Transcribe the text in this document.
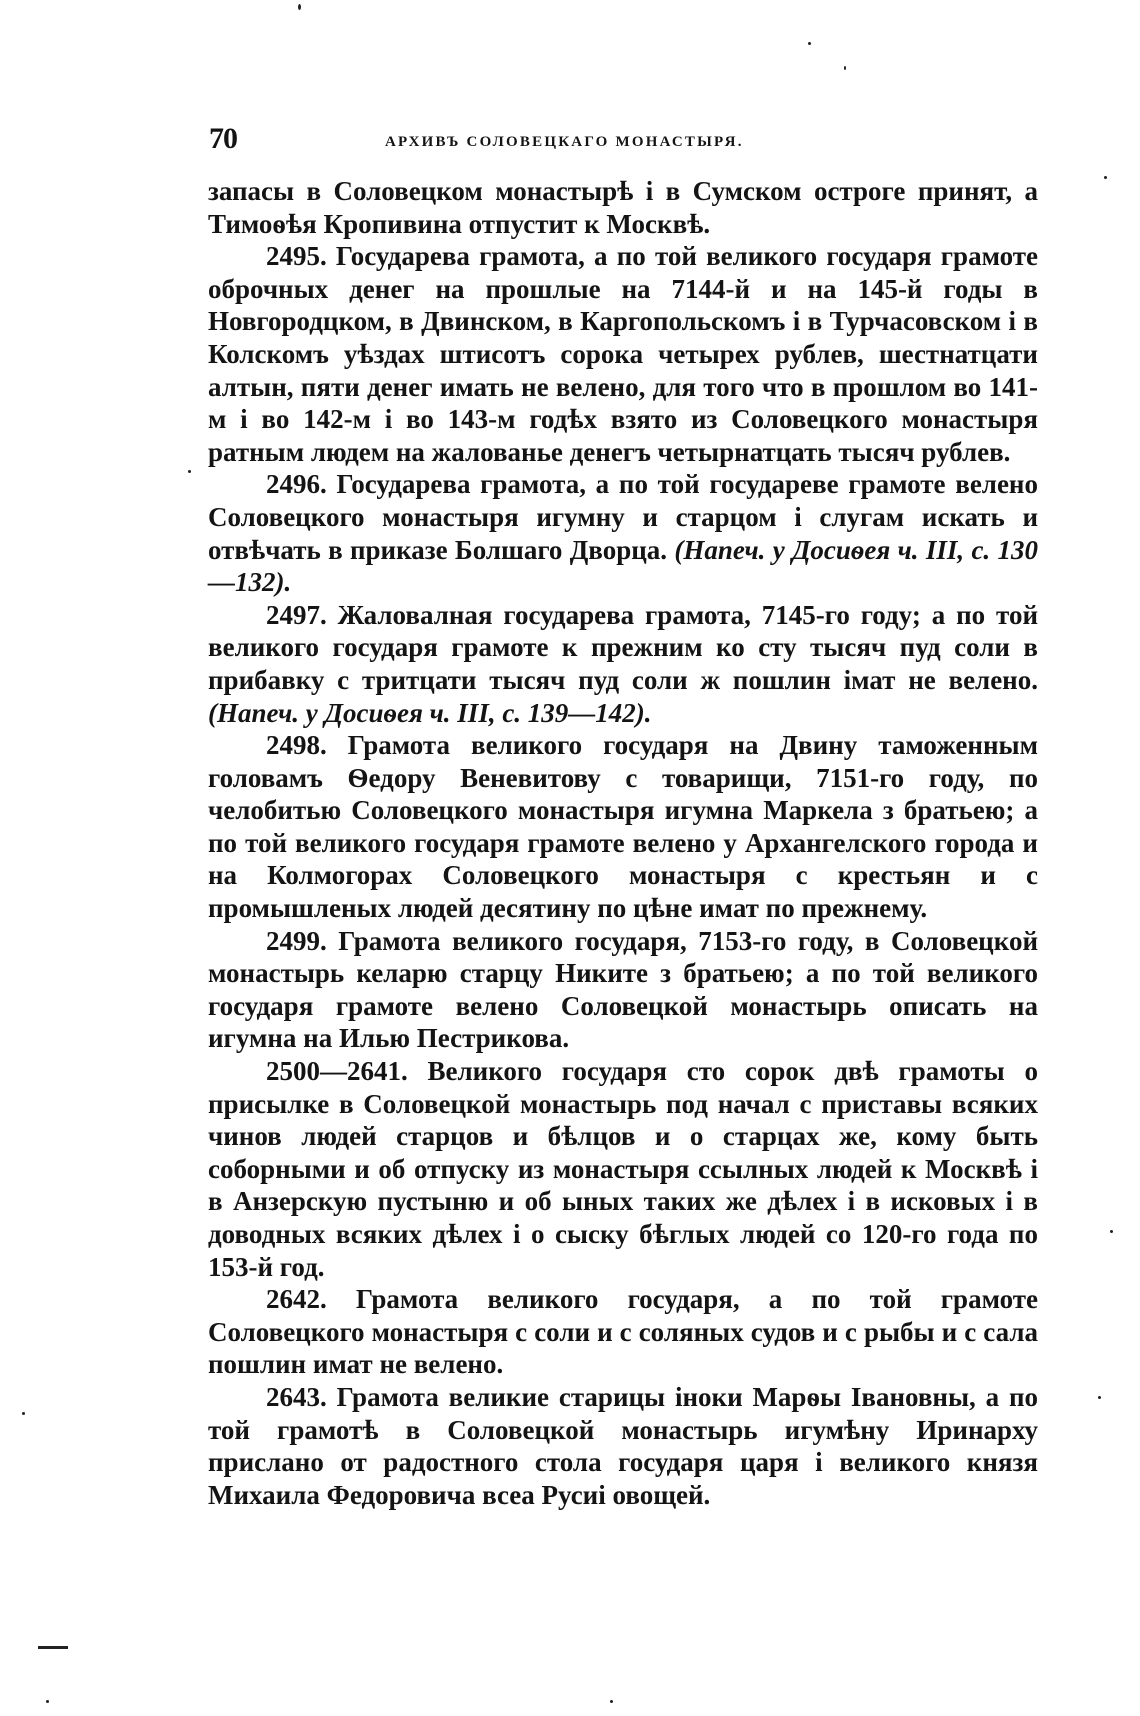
70	АРХИВЪ СОЛОВЕЦКАГО МОНАСТЫРЯ.

запасы в Соловецком монастырѣ і в Сумском остроге принят, а Тимоѳѣя Кропивина отпустит к Москвѣ.

2495. Государева грамота, а по той великого государя грамоте оброчных денег на прошлые на 7144-й и на 145-й годы в Новгородцком, в Двинском, в Каргопольскомъ і в Турчасовском і в Колскомъ уѣздах штисотъ сорока четырех рублев, шестнатцати алтын, пяти денег имать не велено, для того что в прошлом во 141-м і во 142-м і во 143-м годѣх взято из Соловецкого монастыря ратным людем на жалованье денегъ четырнатцать тысяч рублев.

2496. Государева грамота, а по той государеве грамоте велено Соловецкого монастыря игумну и старцом і слугам искать и отвѣчать в приказе Болшаго Дворца. (Напеч. у Досиѳея ч. III, с. 130—132).

2497. Жаловалная государева грамота, 7145-го году; а по той великого государя грамоте к прежним ко сту тысяч пуд соли в прибавку с тритцати тысяч пуд соли ж пошлин імат не велено. (Напеч. у Досиѳея ч. III, с. 139—142).

2498. Грамота великого государя на Двину таможенным головамъ Ѳедору Веневитову с товарищи, 7151-го году, по челобитью Соловецкого монастыря игумна Маркела з братьею; а по той великого государя грамоте велено у Архангелского города и на Колмогорах Соловецкого монастыря с крестьян и с промышленых людей десятину по цѣне имат по прежнему.

2499. Грамота великого государя, 7153-го году, в Соловецкой монастырь келарю старцу Никите з братьею; а по той великого государя грамоте велено Соловецкой монастырь описать на игумна на Илью Пестрикова.

2500—2641. Великого государя сто сорок двѣ грамоты о присылке в Соловецкой монастырь под начал с приставы всяких чинов людей старцов и бѣлцов и о старцах же, кому быть соборными и об отпуску из монастыря ссылных людей к Москвѣ і в Анзерскую пустыню и об ыных таких же дѣлех і в исковых і в доводных всяких дѣлех і о сыску бѣглых людей со 120-го года по 153-й год.

2642. Грамота великого государя, а по той грамоте Соловецкого монастыря с соли и с соляных судов и с рыбы и с сала пошлин имат не велено.

2643. Грамота великие старицы іноки Марѳы Івановны, а по той грамотѣ в Соловецкой монастырь игумѣну Иринарху прислано от радостного стола государя царя і великого князя Михаила Федоровича всеа Русиі овощей.
